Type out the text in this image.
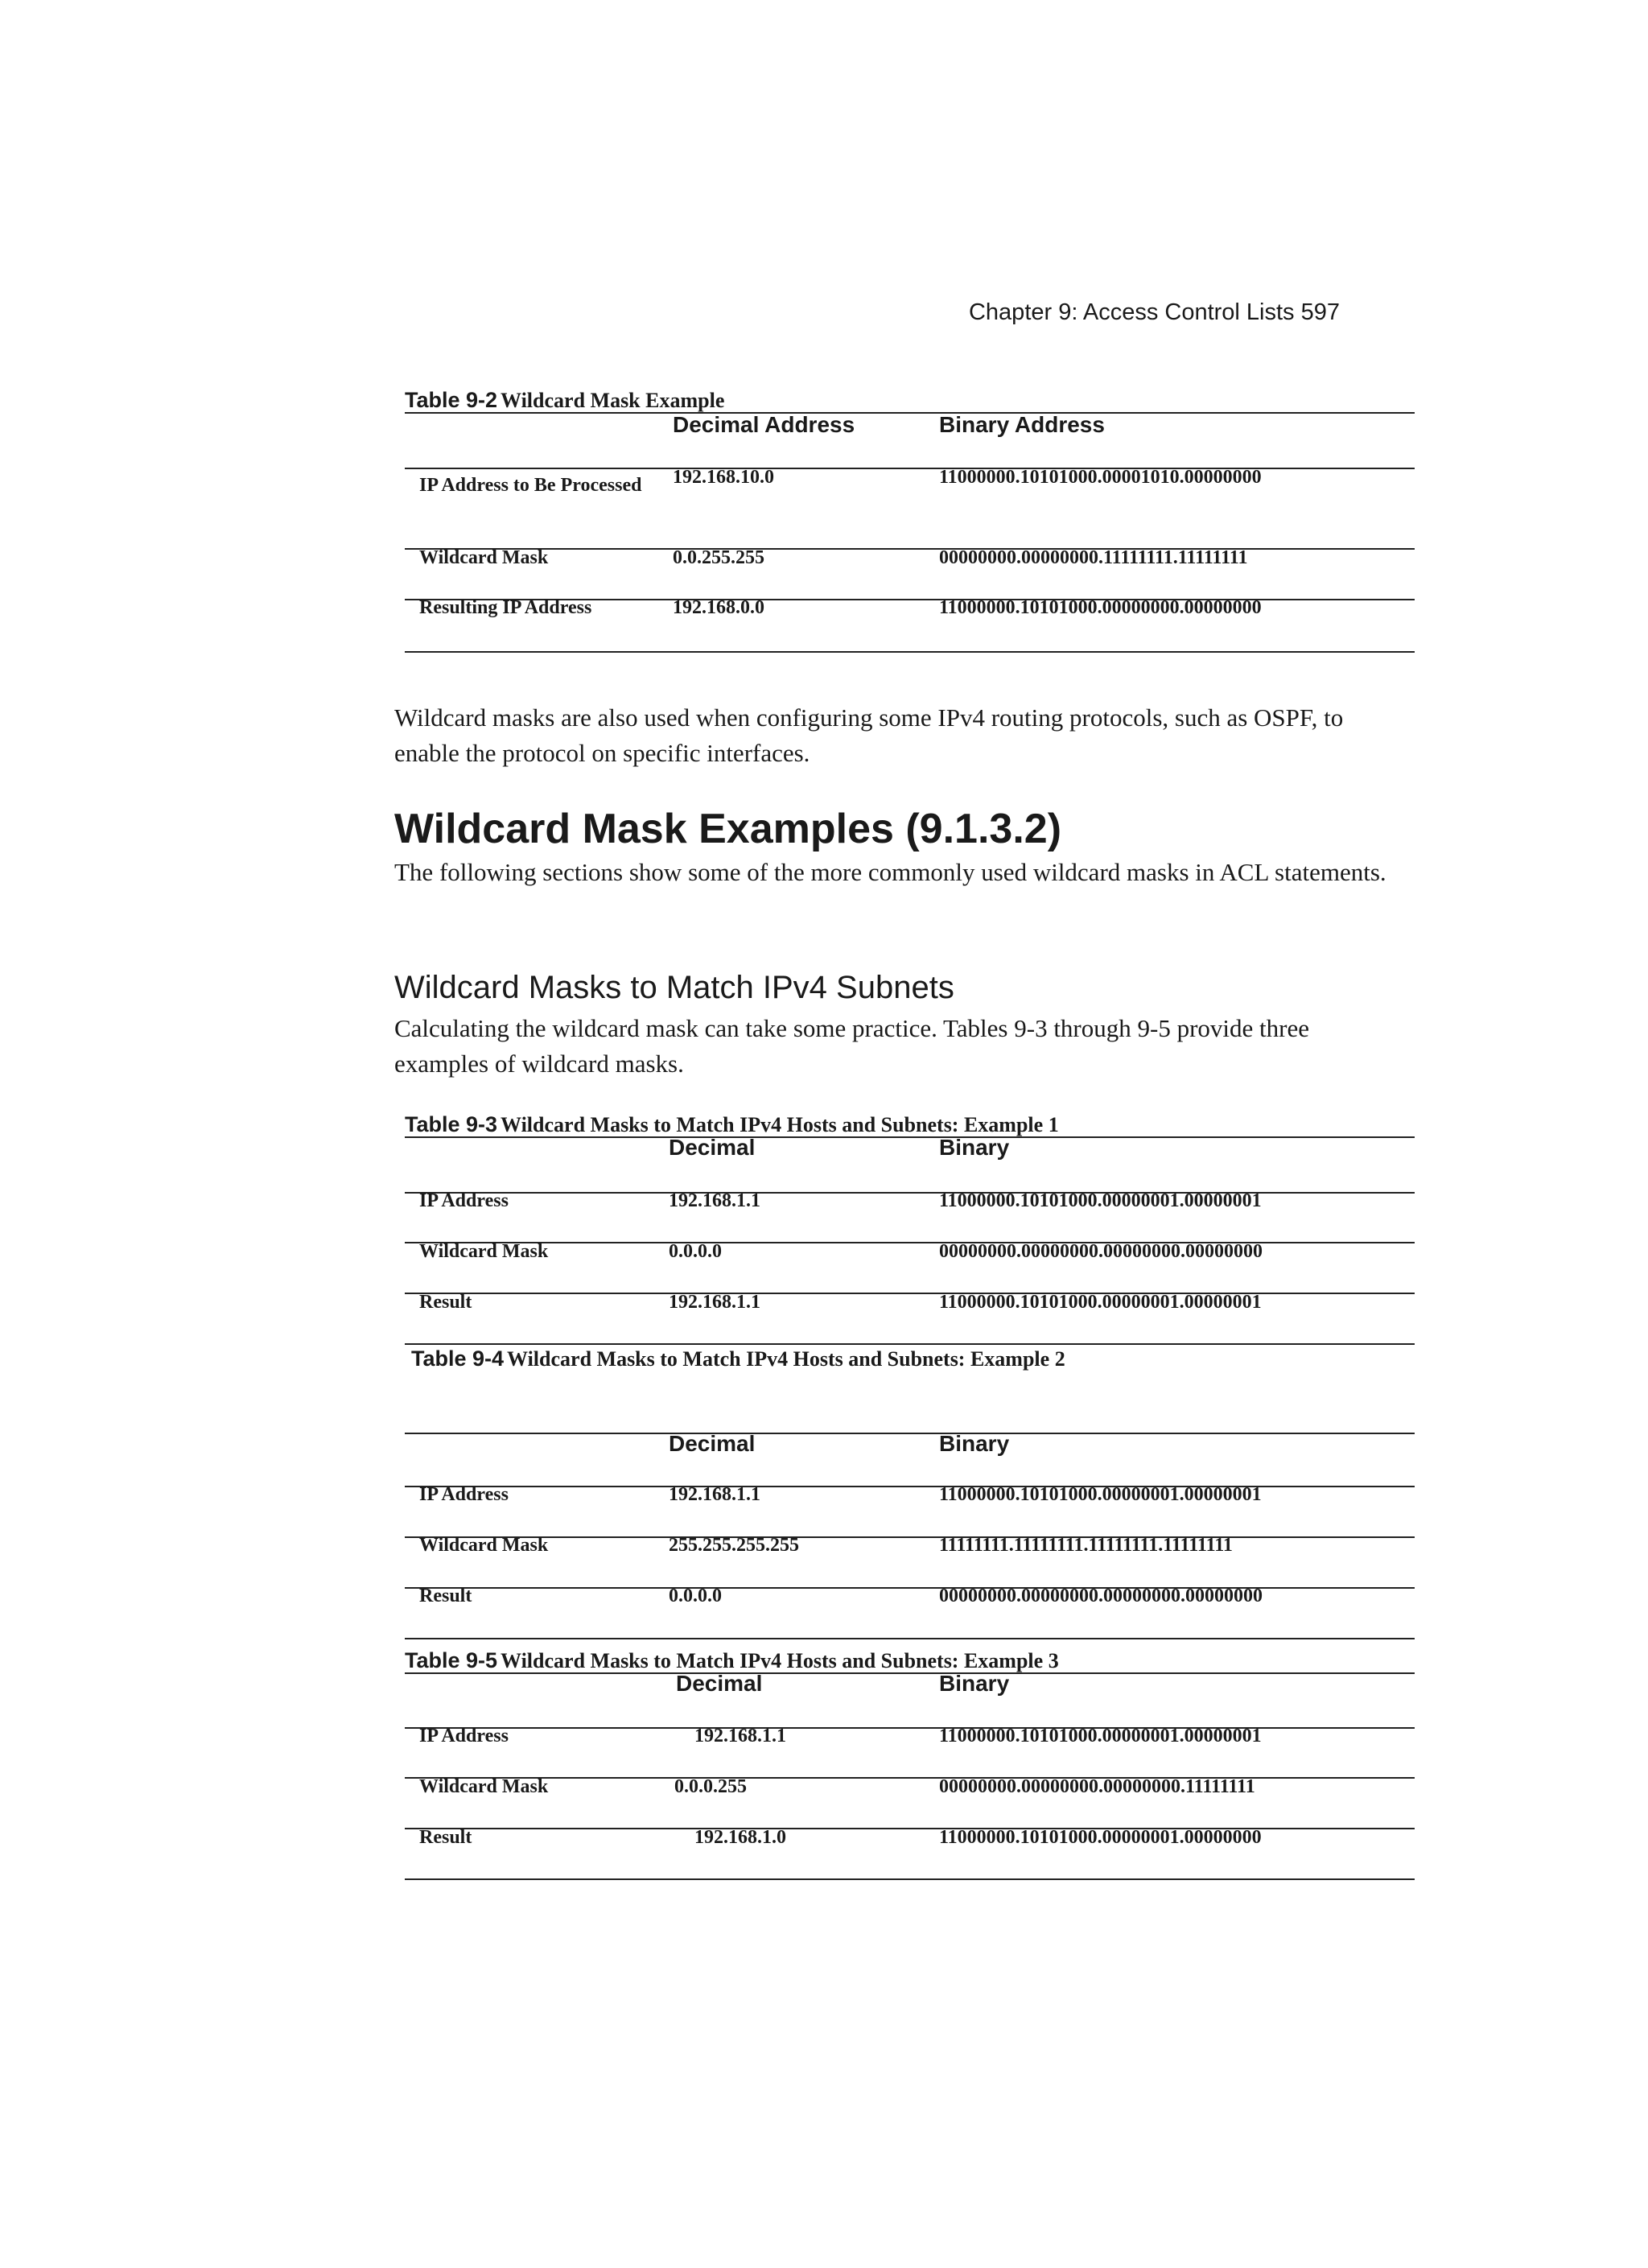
Chapter 9: Access Control Lists 597
Table 9-2 Wildcard Mask Example
Decimal Address	Binary Address
IP Address to Be Processed	192.168.10.0	11000000.10101000.00001010.00000000
Wildcard Mask	0.0.255.255	00000000.00000000.11111111.11111111
Resulting IP Address	192.168.0.0	11000000.10101000.00000000.00000000
Wildcard masks are also used when configuring some IPv4 routing protocols, such as OSPF, to enable the protocol on specific interfaces.
Wildcard Mask Examples (9.1.3.2)
The following sections show some of the more commonly used wildcard masks in ACL statements.
Wildcard Masks to Match IPv4 Subnets
Calculating the wildcard mask can take some practice. Tables 9-3 through 9-5 provide three examples of wildcard masks.
Table 9-3 Wildcard Masks to Match IPv4 Hosts and Subnets: Example 1
Decimal	Binary
IP Address	192.168.1.1	11000000.10101000.00000001.00000001
Wildcard Mask	0.0.0.0	00000000.00000000.00000000.00000000
Result	192.168.1.1	11000000.10101000.00000001.00000001
Table 9-4 Wildcard Masks to Match IPv4 Hosts and Subnets: Example 2
Decimal	Binary
IP Address	192.168.1.1	11000000.10101000.00000001.00000001
Wildcard Mask	255.255.255.255	11111111.11111111.11111111.11111111
Result	0.0.0.0	00000000.00000000.00000000.00000000
Table 9-5 Wildcard Masks to Match IPv4 Hosts and Subnets: Example 3
Decimal	Binary
IP Address	192.168.1.1	11000000.10101000.00000001.00000001
Wildcard Mask	0.0.0.255	00000000.00000000.00000000.11111111
Result	192.168.1.0	11000000.10101000.00000001.00000000
